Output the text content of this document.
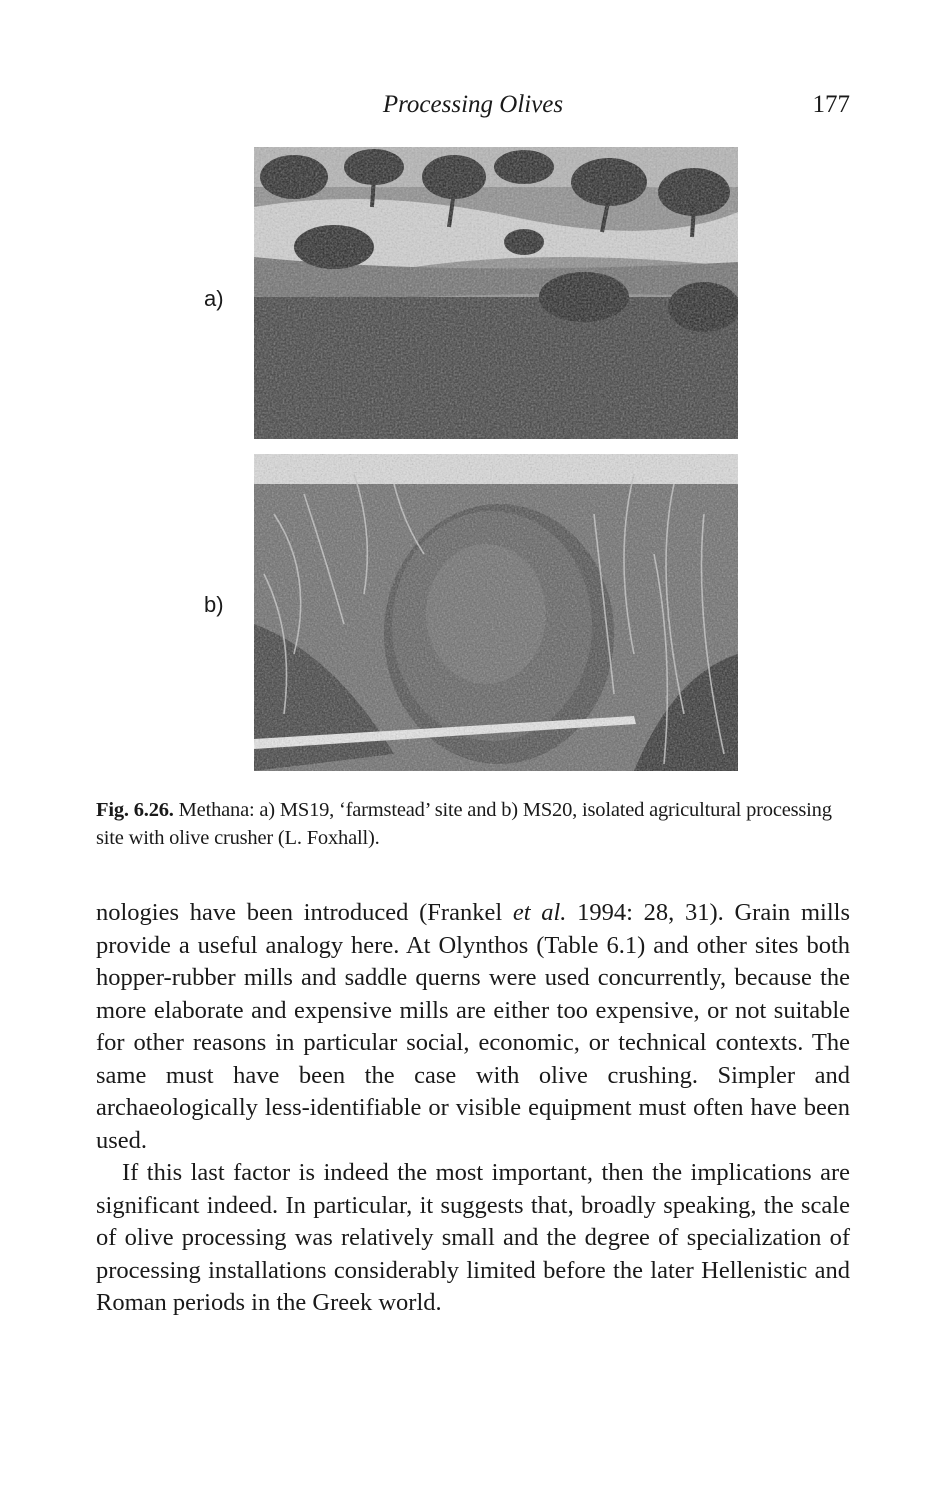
Processing Olives	177
a)
b)
Fig. 6.26. Methana: a) MS19, ‘farmstead’ site and b) MS20, isolated agricultural processing site with olive crusher (L. Foxhall).

nologies have been introduced (Frankel et al. 1994: 28, 31). Grain mills provide a useful analogy here. At Olynthos (Table 6.1) and other sites both hopper-rubber mills and saddle querns were used concurrently, because the more elaborate and expensive mills are either too expensive, or not suitable for other reasons in particular social, economic, or technical contexts. The same must have been the case with olive crushing. Simpler and archaeologically less-identifiable or visible equipment must often have been used.

If this last factor is indeed the most important, then the implications are significant indeed. In particular, it suggests that, broadly speaking, the scale of olive processing was relatively small and the degree of specialization of processing installations considerably limited before the later Hellenistic and Roman periods in the Greek world.
